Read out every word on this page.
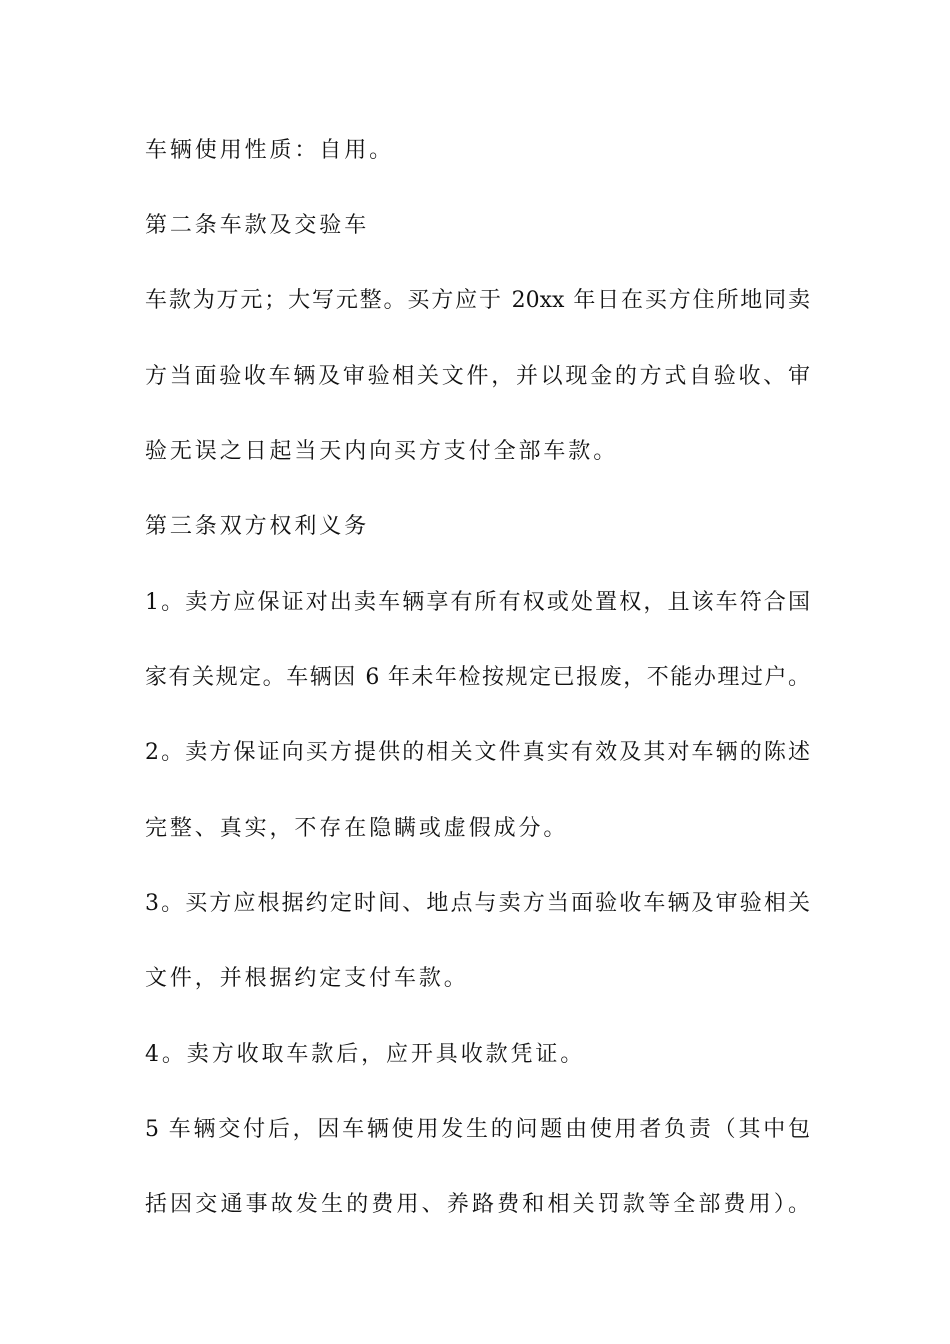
车辆使用性质：自用。
第二条车款及交验车
车款为万元；大写元整。买方应于 20xx 年日在买方住所地同卖
方当面验收车辆及审验相关文件，并以现金的方式自验收、审
验无误之日起当天内向买方支付全部车款。
第三条双方权利义务
1。卖方应保证对出卖车辆享有所有权或处置权，且该车符合国
家有关规定。车辆因 6 年未年检按规定已报废，不能办理过户。
2。卖方保证向买方提供的相关文件真实有效及其对车辆的陈述
完整、真实，不存在隐瞒或虚假成分。
3。买方应根据约定时间、地点与卖方当面验收车辆及审验相关
文件，并根据约定支付车款。
4。卖方收取车款后，应开具收款凭证。
5 车辆交付后，因车辆使用发生的问题由使用者负责（其中包
括因交通事故发生的费用、养路费和相关罚款等全部费用）。
